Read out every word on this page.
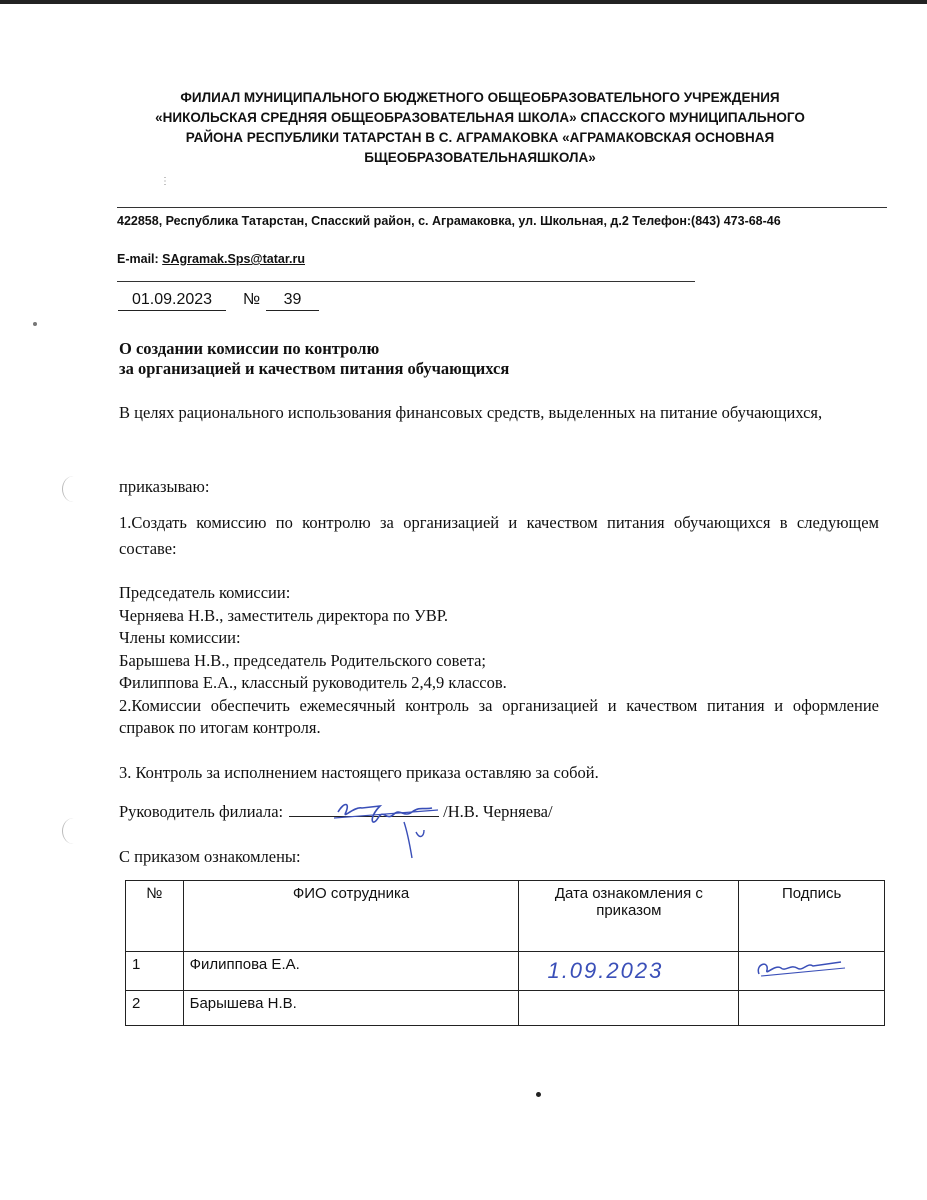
ФИЛИАЛ МУНИЦИПАЛЬНОГО БЮДЖЕТНОГО ОБЩЕОБРАЗОВАТЕЛЬНОГО УЧРЕЖДЕНИЯ
«НИКОЛЬСКАЯ СРЕДНЯЯ ОБЩЕОБРАЗОВАТЕЛЬНАЯ ШКОЛА» СПАССКОГО МУНИЦИПАЛЬНОГО
РАЙОНА РЕСПУБЛИКИ ТАТАРСТАН В С. АГРАМАКОВКА «АГРАМАКОВСКАЯ ОСНОВНАЯ
БЩЕОБРАЗОВАТЕЛЬНАЯШКОЛА»
⋮
422858, Республика Татарстан, Спасский район, с. Аграмаковка, ул. Школьная, д.2 Телефон:(843) 473-68-46
E-mail: SAgramak.Sps@tatar.ru
01.09.2023	№	39
О создании комиссии по контролю
за организацией и качеством питания обучающихся
В целях рационального использования финансовых средств, выделенных на питание обучающихся,
приказываю:
1.Создать комиссию по контролю за организацией и качеством питания обучающихся в следующем составе:
Председатель комиссии:
Черняева Н.В., заместитель директора по УВР.
Члены комиссии:
Барышева Н.В., председатель Родительского совета;
Филиппова Е.А., классный руководитель 2,4,9 классов.
2.Комиссии обеспечить ежемесячный контроль за организацией и качеством питания и оформление справок по итогам контроля.
3. Контроль за исполнением настоящего приказа оставляю за собой.
Руководитель филиала:	/Н.В. Черняева/
С приказом ознакомлены:
№	ФИО сотрудника	Дата ознакомления с приказом	Подпись
1	Филиппова Е.А.	1.09.2023	
2	Барышева Н.В.		
